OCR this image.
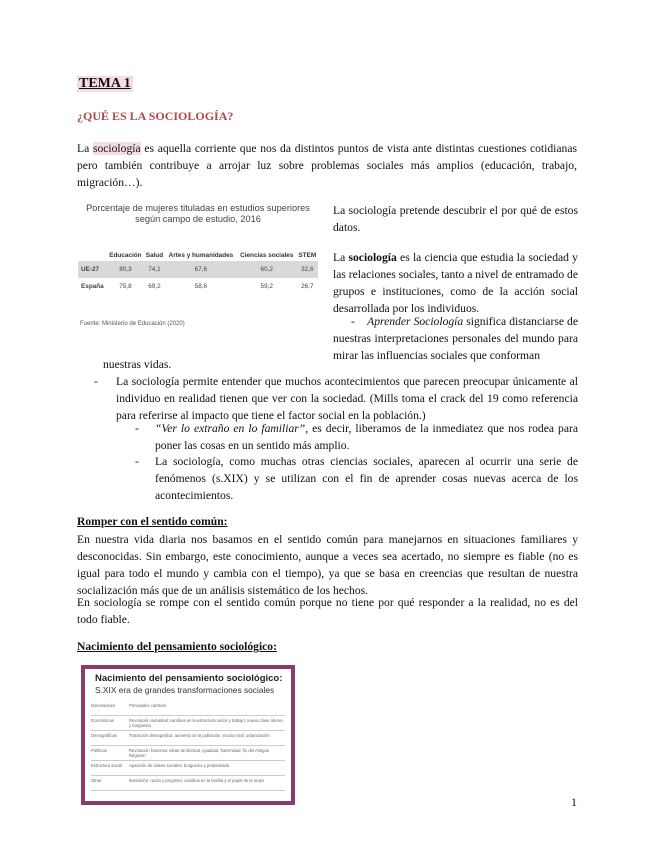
TEMA 1
¿QUÉ ES LA SOCIOLOGÍA?
La sociología es aquella corriente que nos da distintos puntos de vista ante distintas cuestiones cotidianas pero también contribuye a arrojar luz sobre problemas sociales más amplios (educación, trabajo, migración…).
Porcentaje de mujeres tituladas en estudios superiores según campo de estudio, 2016
	Educación	Salud	Artes y humanidades	Ciencias sociales	STEM
UE-27	80,3	74,1	67,6	60,2	32,6
España	75,8	69,2	58,6	59,2	26,7
Fuente: Ministerio de Educación (2020)
La sociología pretende descubrir el por qué de estos datos.
La sociología es la ciencia que estudia la sociedad y las relaciones sociales, tanto a nivel de entramado de grupos e instituciones, como de la acción social desarrollada por los individuos.
-    Aprender Sociología significa distanciarse de nuestras interpretaciones personales del mundo para mirar las influencias sociales que conforman
nuestras vidas.
- La sociología permite entender que muchos acontecimientos que parecen preocupar únicamente al individuo en realidad tienen que ver con la sociedad. (Mills toma el crack del 19 como referencia para referirse al impacto que tiene el factor social en la población.)
- “Ver lo extraño en lo familiar”, es decir, liberamos de la inmediatez que nos rodea para poner las cosas en un sentido más amplio.
- La sociología, como muchas otras ciencias sociales, aparecen al ocurrir una serie de fenómenos (s.XIX) y se utilizan con el fin de aprender cosas nuevas acerca de los acontecimientos.
Romper con el sentido común:
En nuestra vida diaria nos basamos en el sentido común para manejarnos en situaciones familiares y desconocidas. Sin embargo, este conocimiento, aunque a veces sea acertado, no siempre es fiable (no es igual para todo el mundo y cambia con el tiempo), ya que se basa en creencias que resultan de nuestra socialización más que de un análisis sistemático de los hechos.
En sociología se rompe con el sentido común porque no tiene por qué responder a la realidad, no es del todo fiable.
Nacimiento del pensamiento sociológico:
Nacimiento del pensamiento sociológico:
S.XIX era de grandes transformaciones sociales
Dimensiones	Principales cambios
Económicas	Revolución industrial: cambios en la estructura social y trabajo; nueva clase obrera y burguesía
Demográficas	Transición demográfica: aumento de la población; éxodo rural; urbanización
Políticas	Revolución francesa: ideas de libertad, igualdad, fraternidad; fin del Antiguo Régimen
Estructura social	Aparición de clases sociales: burguesía y proletariado
Otras	Ilustración: razón y progreso; cambios en la familia y el papel de la mujer
1
